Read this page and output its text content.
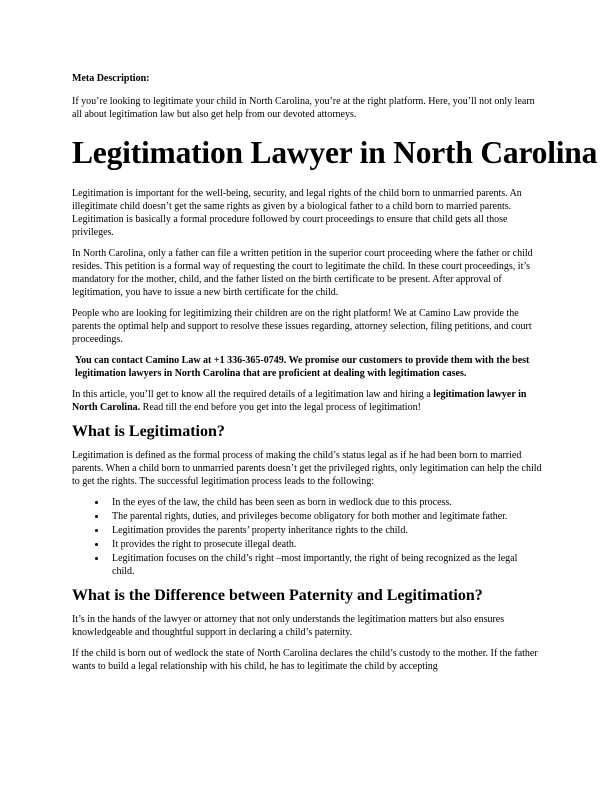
Meta Description:

If you’re looking to legitimate your child in North Carolina, you’re at the right platform. Here, you’ll not only learn all about legitimation law but also get help from our devoted attorneys.

Legitimation Lawyer in North Carolina

Legitimation is important for the well-being, security, and legal rights of the child born to unmarried parents. An illegitimate child doesn’t get the same rights as given by a biological father to a child born to married parents. Legitimation is basically a formal procedure followed by court proceedings to ensure that child gets all those privileges.

In North Carolina, only a father can file a written petition in the superior court proceeding where the father or child resides. This petition is a formal way of requesting the court to legitimate the child. In these court proceedings, it’s mandatory for the mother, child, and the father listed on the birth certificate to be present. After approval of legitimation, you have to issue a new birth certificate for the child.

People who are looking for legitimizing their children are on the right platform! We at Camino Law provide the parents the optimal help and support to resolve these issues regarding, attorney selection, filing petitions, and court proceedings.

You can contact Camino Law at +1 336-365-0749. We promise our customers to provide them with the best legitimation lawyers in North Carolina that are proficient at dealing with legitimation cases.

In this article, you’ll get to know all the required details of a legitimation law and hiring a legitimation lawyer in North Carolina. Read till the end before you get into the legal process of legitimation!

What is Legitimation?

Legitimation is defined as the formal process of making the child’s status legal as if he had been born to married parents. When a child born to unmarried parents doesn’t get the privileged rights, only legitimation can help the child to get the rights. The successful legitimation process leads to the following:

• In the eyes of the law, the child has been seen as born in wedlock due to this process.
• The parental rights, duties, and privileges become obligatory for both mother and legitimate father.
• Legitimation provides the parents’ property inheritance rights to the child.
• It provides the right to prosecute illegal death.
• Legitimation focuses on the child’s right –most importantly, the right of being recognized as the legal child.
What is the Difference between Paternity and Legitimation?

It’s in the hands of the lawyer or attorney that not only understands the legitimation matters but also ensures knowledgeable and thoughtful support in declaring a child’s paternity.

If the child is born out of wedlock the state of North Carolina declares the child’s custody to the mother. If the father wants to build a legal relationship with his child, he has to legitimate the child by accepting
